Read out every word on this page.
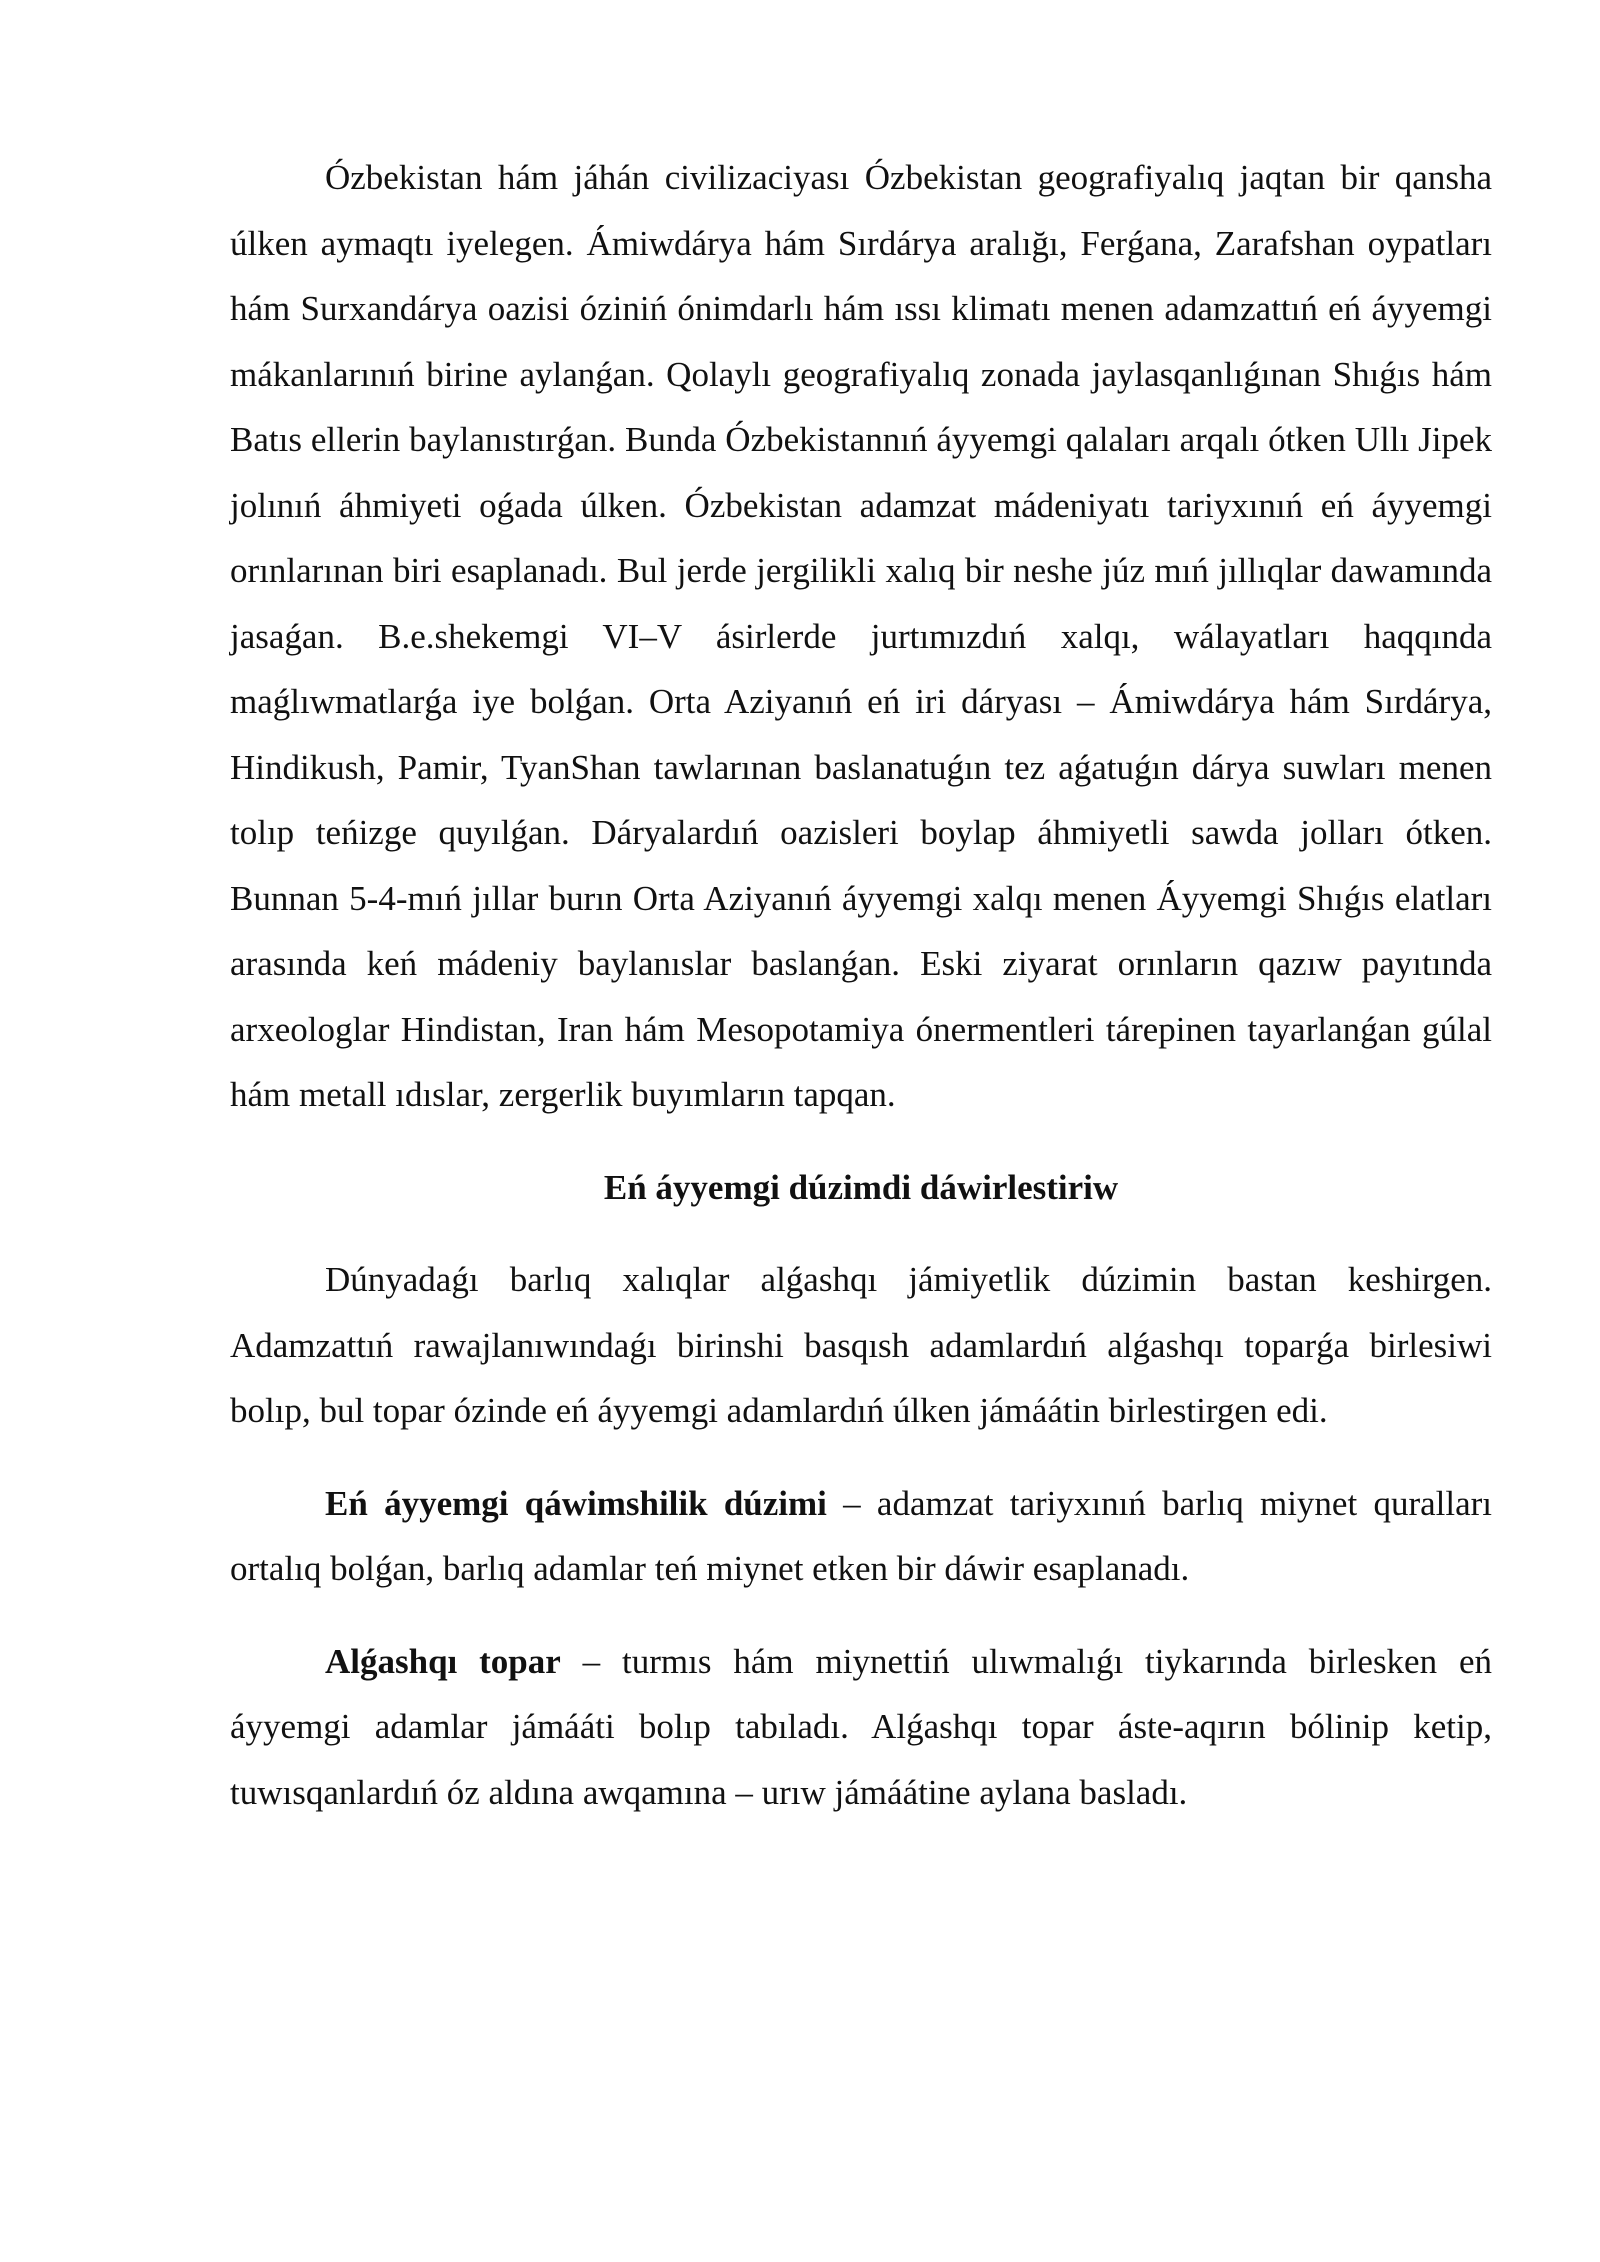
Ózbekistan hám jáhán civilizaciyası Ózbekistan geografiyalıq jaqtan bir qansha úlken aymaqtı iyelegen. Ámiwdárya hám Sırdárya aralığı, Ferǵana, Zarafshan oypatları hám Surxandárya oazisi óziniń ónimdarlı hám ıssı klimatı menen adamzattıń eń áyyemgi mákanlarınıń birine aylanǵan. Qolaylı geografiyalıq zonada jaylasqanlıǵınan Shıǵıs hám Batıs ellerin baylanıstırǵan. Bunda Ózbekistannıń áyyemgi qalaları arqalı ótken Ullı Jipek jolınıń áhmiyeti oǵada úlken. Ózbekistan adamzat mádeniyatı tariyxınıń eń áyyemgi orınlarınan biri esaplanadı. Bul jerde jergilikli xalıq bir neshe júz mıń jıllıqlar dawamında jasaǵan. B.e.shekemgi VI–V ásirlerde jurtımızdıń xalqı, wálayatları haqqında maǵlıwmatlarǵa iye bolǵan. Orta Aziyanıń eń iri dáryası – Ámiwdárya hám Sırdárya, Hindikush, Pamir, TyanShan tawlarınan baslanatuǵın tez aǵatuǵın dárya suwları menen tolıp teńizge quyılǵan. Dáryalardıń oazisleri boylap áhmiyetli sawda jolları ótken. Bunnan 5-4-mıń jıllar burın Orta Aziyanıń áyyemgi xalqı menen Áyyemgi Shıǵıs elatları arasında keń mádeniy baylanıslar baslanǵan. Eski ziyarat orınların qazıw payıtında arxeologlar Hindistan, Iran hám Mesopotamiya ónermentleri tárepinen tayarlanǵan gúlal hám metall ıdıslar, zergerlik buyımların tapqan.

Eń áyyemgi dúzimdi dáwirlestiriw

Dúnyadaǵı barlıq xalıqlar alǵashqı jámiyetlik dúzimin bastan keshirgen. Adamzattıń rawajlanıwındaǵı birinshi basqısh adamlardıń alǵashqı toparǵa birlesiwi bolıp, bul topar ózinde eń áyyemgi adamlardıń úlken jámáátin birlestirgen edi.

Eń áyyemgi qáwimshilik dúzimi – adamzat tariyxınıń barlıq miynet quralları ortalıq bolǵan, barlıq adamlar teń miynet etken bir dáwir esaplanadı.

Alǵashqı topar – turmıs hám miynettiń ulıwmalıǵı tiykarında birlesken eń áyyemgi adamlar jámááti bolıp tabıladı. Alǵashqı topar áste-aqırın bólinip ketip, tuwısqanlardıń óz aldına awqamına – urıw jámáátine aylana basladı.
